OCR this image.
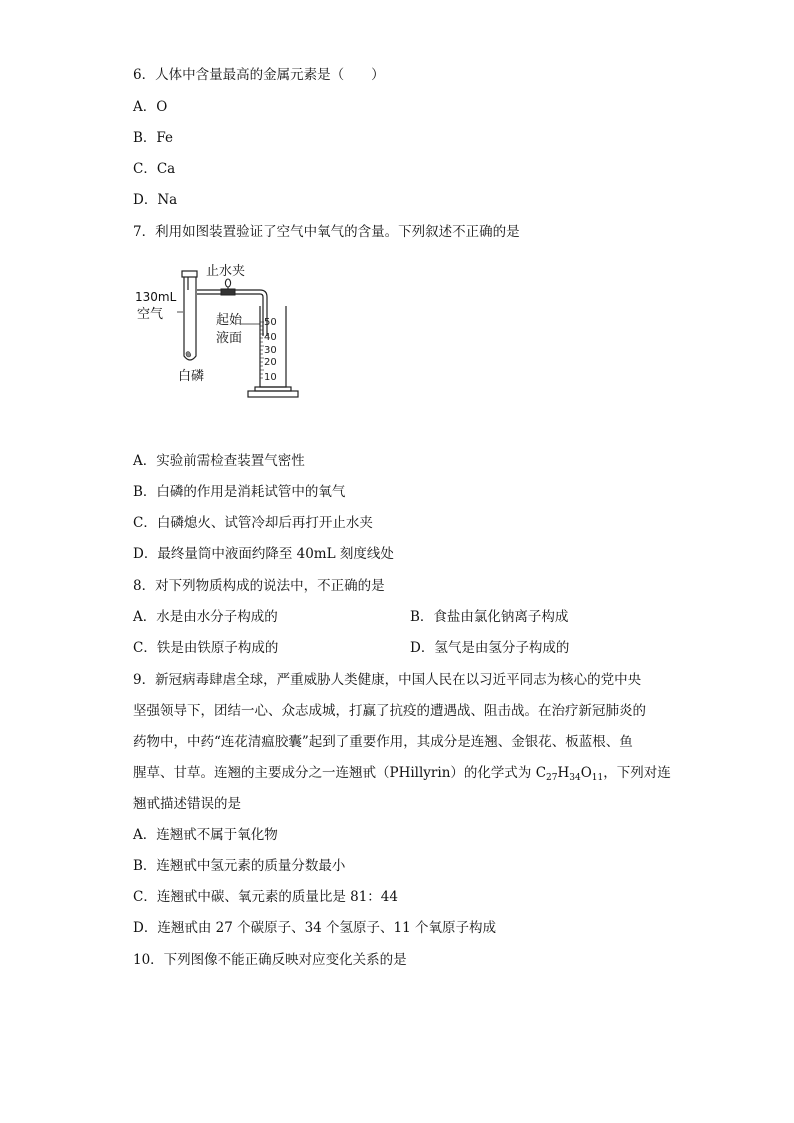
6．人体中含量最高的金属元素是（　　）
A．O
B．Fe
C．Ca
D．Na
7．利用如图装置验证了空气中氧气的含量。下列叙述不正确的是
50
40
30
20
10
止水夹
130mL
空气	起始
液面
白磷
A．实验前需检查装置气密性
B．白磷的作用是消耗试管中的氧气
C．白磷熄火、试管冷却后再打开止水夹
D．最终量筒中液面约降至 40mL 刻度线处
8．对下列物质构成的说法中，不正确的是
A．水是由水分子构成的	B．食盐由氯化钠离子构成
C．铁是由铁原子构成的	D．氢气是由氢分子构成的
9．新冠病毒肆虐全球，严重威胁人类健康，中国人民在以习近平同志为核心的党中央
坚强领导下，团结一心、众志成城，打赢了抗疫的遭遇战、阻击战。在治疗新冠肺炎的
药物中，中药“连花清瘟胶囊”起到了重要作用，其成分是连翘、金银花、板蓝根、鱼
腥草、甘草。连翘的主要成分之一连翘甙（PHillyrin）的化学式为 $C_{27}H_{34}O_{11}$，下列对连
翘甙描述错误的是
A．连翘甙不属于氧化物
B．连翘甙中氢元素的质量分数最小
C．连翘甙中碳、氧元素的质量比是 81：44
D．连翘甙由 27 个碳原子、34 个氢原子、11 个氧原子构成
10．下列图像不能正确反映对应变化关系的是
